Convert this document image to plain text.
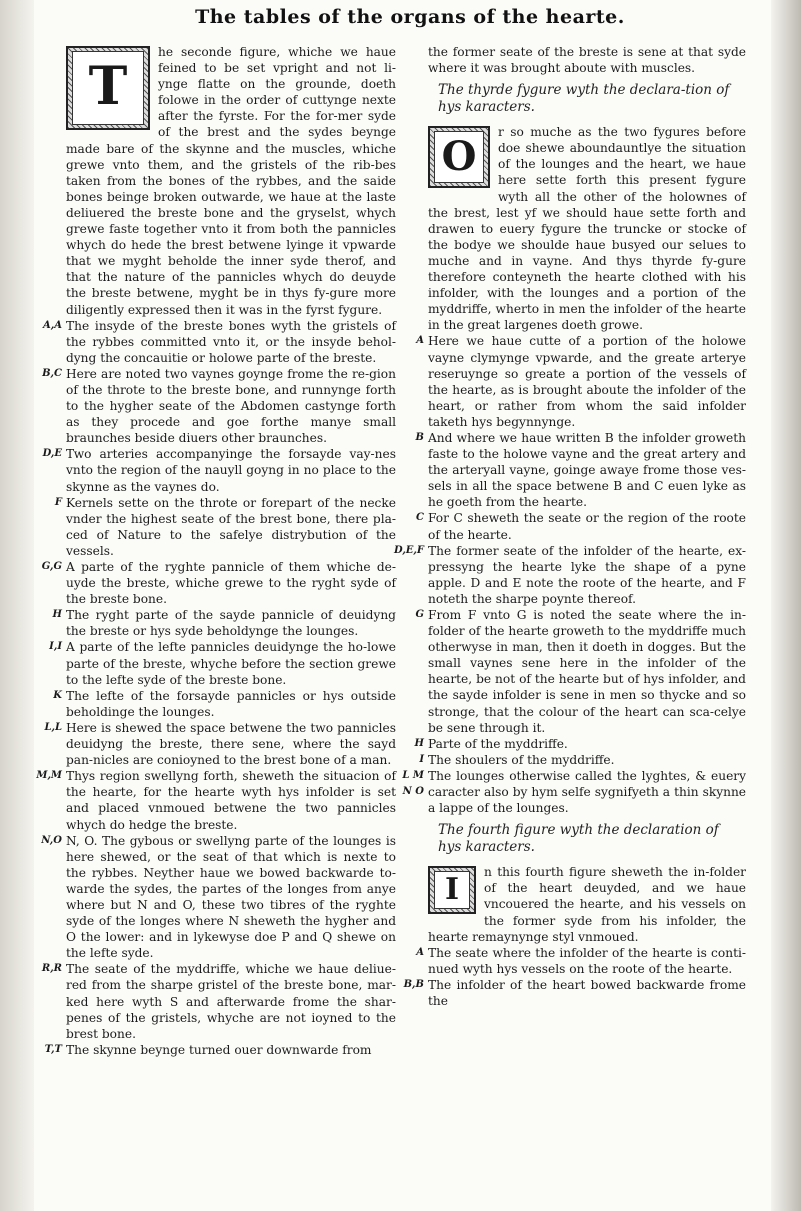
The tables of the organs of the hearte.
T

he seconde figure, whiche we haue feined to be set vpright and not li-ynge flatte on the grounde, doeth folowe in the order of cuttynge nexte after the fyrste. For the for-mer syde of the brest and the sydes beynge made bare of the skynne and the muscles, whiche grewe vnto them, and the gristels of the rib-bes taken from the bones of the rybbes, and the saide bones beinge broken outwarde, we haue at the laste deliuered the breste bone and the gryselst, whych grewe faste together vnto it from both the pannicles whych do hede the brest betwene lyinge it vpwarde that we myght beholde the inner syde therof, and that the nature of the pannicles whych do deuyde the breste betwene, myght be in thys fy-gure more diligently expressed then it was in the fyrst fygure.

A,A The insyde of the breste bones wyth the gristels of the rybbes committed vnto it, or the insyde behol-dyng the concauitie or holowe parte of the breste.

B,C Here are noted two vaynes goynge frome the re-gion of the throte to the breste bone, and runnynge forth to the hygher seate of the Abdomen castynge forth as they procede and goe forthe manye small braunches beside diuers other braunches.

D,E Two arteries accompanyinge the forsayde vay-nes vnto the region of the nauyll goyng in no place to the skynne as the vaynes do.

F Kernels sette on the throte or forepart of the necke vnder the highest seate of the brest bone, there pla-ced of Nature to the safelye distrybution of the vessels.

G,G A parte of the ryghte pannicle of them whiche de-uyde the breste, whiche grewe to the ryght syde of the breste bone.

H The ryght parte of the sayde pannicle of deuidyng the breste or hys syde beholdynge the lounges.

I,I A parte of the lefte pannicles deuidynge the ho-lowe parte of the breste, whyche before the section grewe to the lefte syde of the breste bone.

K The lefte of the forsayde pannicles or hys outside beholdinge the lounges.

L,L Here is shewed the space betwene the two pannicles deuidyng the breste, there sene, where the sayd pan-nicles are conioyned to the brest bone of a man.

M,M Thys region swellyng forth, sheweth the situacion of the hearte, for the hearte wyth hys infolder is set and placed vnmoued betwene the two pannicles whych do hedge the breste.

N,O N, O. The gybous or swellyng parte of the lounges is here shewed, or the seat of that which is nexte to the rybbes. Neyther haue we bowed backwarde to-warde the sydes, the partes of the longes from anye where but N and O, these two tibres of the ryghte syde of the longes where N sheweth the hygher and O the lower: and in lykewyse doe P and Q shewe on the lefte syde.

R,R The seate of the myddriffe, whiche we haue deliue-red from the sharpe gristel of the breste bone, mar-ked here wyth S and afterwarde frome the shar-penes of the gristels, whyche are not ioyned to the brest bone.

T,T The skynne beynge turned ouer downwarde from

the former seate of the breste is sene at that syde where it was brought aboute with muscles.

The thyrde fygure wyth the declara-tion of hys karacters.
O

r so muche as the two fygures before doe shewe aboundauntlye the situation of the lounges and the heart, we haue here sette forth this present fygure wyth all the other of the holownes of the brest, lest yf we should haue sette forth and drawen to euery fygure the truncke or stocke of the bodye we shoulde haue busyed our selues to muche and in vayne. And thys thyrde fy-gure therefore conteyneth the hearte clothed with his infolder, with the lounges and a portion of the myddriffe, wherto in men the infolder of the hearte in the great largenes doeth growe.

A Here we haue cutte of a portion of the holowe vayne clymynge vpwarde, and the greate arterye reseruynge so greate a portion of the vessels of the hearte, as is brought aboute the infolder of the heart, or rather from whom the said infolder taketh hys begynnynge.

B And where we haue written B the infolder groweth faste to the holowe vayne and the great artery and the arteryall vayne, goinge awaye frome those ves-sels in all the space betwene B and C euen lyke as he goeth from the hearte.

C For C sheweth the seate or the region of the roote of the hearte.

D,E,F The former seate of the infolder of the hearte, ex-pressyng the hearte lyke the shape of a pyne apple. D and E note the roote of the hearte, and F noteth the sharpe poynte thereof.

G From F vnto G is noted the seate where the in-folder of the hearte groweth to the myddriffe much otherwyse in man, then it doeth in dogges. But the small vaynes sene here in the infolder of the hearte, be not of the hearte but of hys infolder, and the sayde infolder is sene in men so thycke and so stronge, that the colour of the heart can sca-celye be sene through it.

H Parte of the myddriffe.

I The shoulers of the myddriffe.

L M N O

The lounges otherwise called the lyghtes, & euery caracter also by hym selfe sygnifyeth a thin skynne a lappe of the lounges.

The fourth figure wyth the declaration of hys karacters.
I	n this fourth figure sheweth the in-folder of the heart deuyded, and we haue vncouered the hearte, and his vessels on the former syde from his infolder, the hearte remaynynge styl vnmoued.

A The seate where the infolder of the hearte is conti-nued wyth hys vessels on the roote of the hearte.

B,B The infolder of the heart bowed backwarde frome the
